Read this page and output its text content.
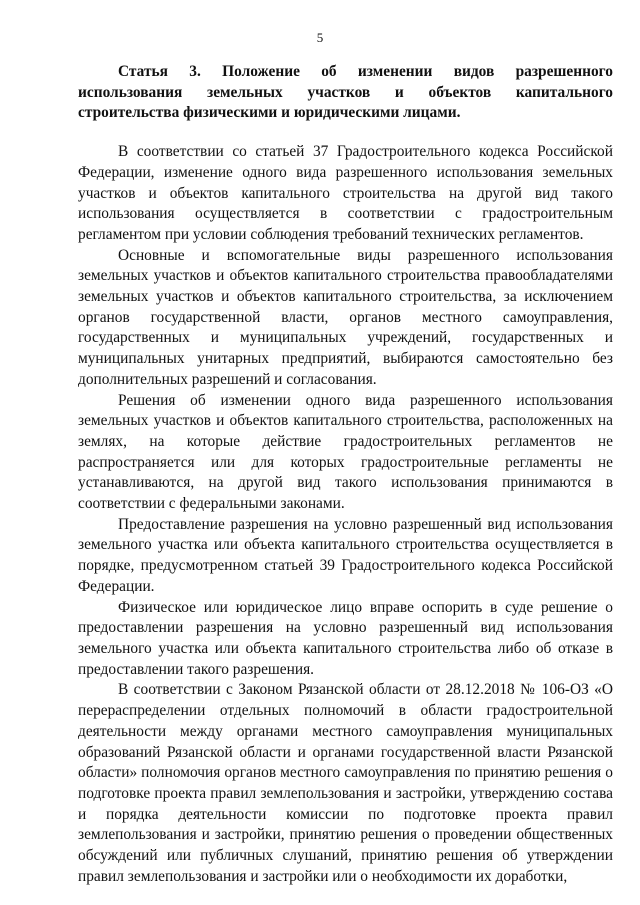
5

Статья 3. Положение об изменении видов разрешенного использования земельных участков и объектов капитального строительства физическими и юридическими лицами.

В соответствии со статьей 37 Градостроительного кодекса Российской Федерации, изменение одного вида разрешенного использования земельных участков и объектов капитального строительства на другой вид такого использования осуществляется в соответствии с градостроительным регламентом при условии соблюдения требований технических регламентов.

Основные и вспомогательные виды разрешенного использования земельных участков и объектов капитального строительства правообладателями земельных участков и объектов капитального строительства, за исключением органов государственной власти, органов местного самоуправления, государственных и муниципальных учреждений, государственных и муниципальных унитарных предприятий, выбираются самостоятельно без дополнительных разрешений и согласования.

Решения об изменении одного вида разрешенного использования земельных участков и объектов капитального строительства, расположенных на землях, на которые действие градостроительных регламентов не распространяется или для которых градостроительные регламенты не устанавливаются, на другой вид такого использования принимаются в соответствии с федеральными законами.

Предоставление разрешения на условно разрешенный вид использования земельного участка или объекта капитального строительства осуществляется в порядке, предусмотренном статьей 39 Градостроительного кодекса Российской Федерации.

Физическое или юридическое лицо вправе оспорить в суде решение о предоставлении разрешения на условно разрешенный вид использования земельного участка или объекта капитального строительства либо об отказе в предоставлении такого разрешения.

В соответствии с Законом Рязанской области от 28.12.2018 № 106-ОЗ «О перераспределении отдельных полномочий в области градостроительной деятельности между органами местного самоуправления муниципальных образований Рязанской области и органами государственной власти Рязанской области» полномочия органов местного самоуправления по принятию решения о подготовке проекта правил землепользования и застройки, утверждению состава и порядка деятельности комиссии по подготовке проекта правил землепользования и застройки, принятию решения о проведении общественных обсуждений или публичных слушаний, принятию решения об утверждении правил землепользования и застройки или о необходимости их доработки,
